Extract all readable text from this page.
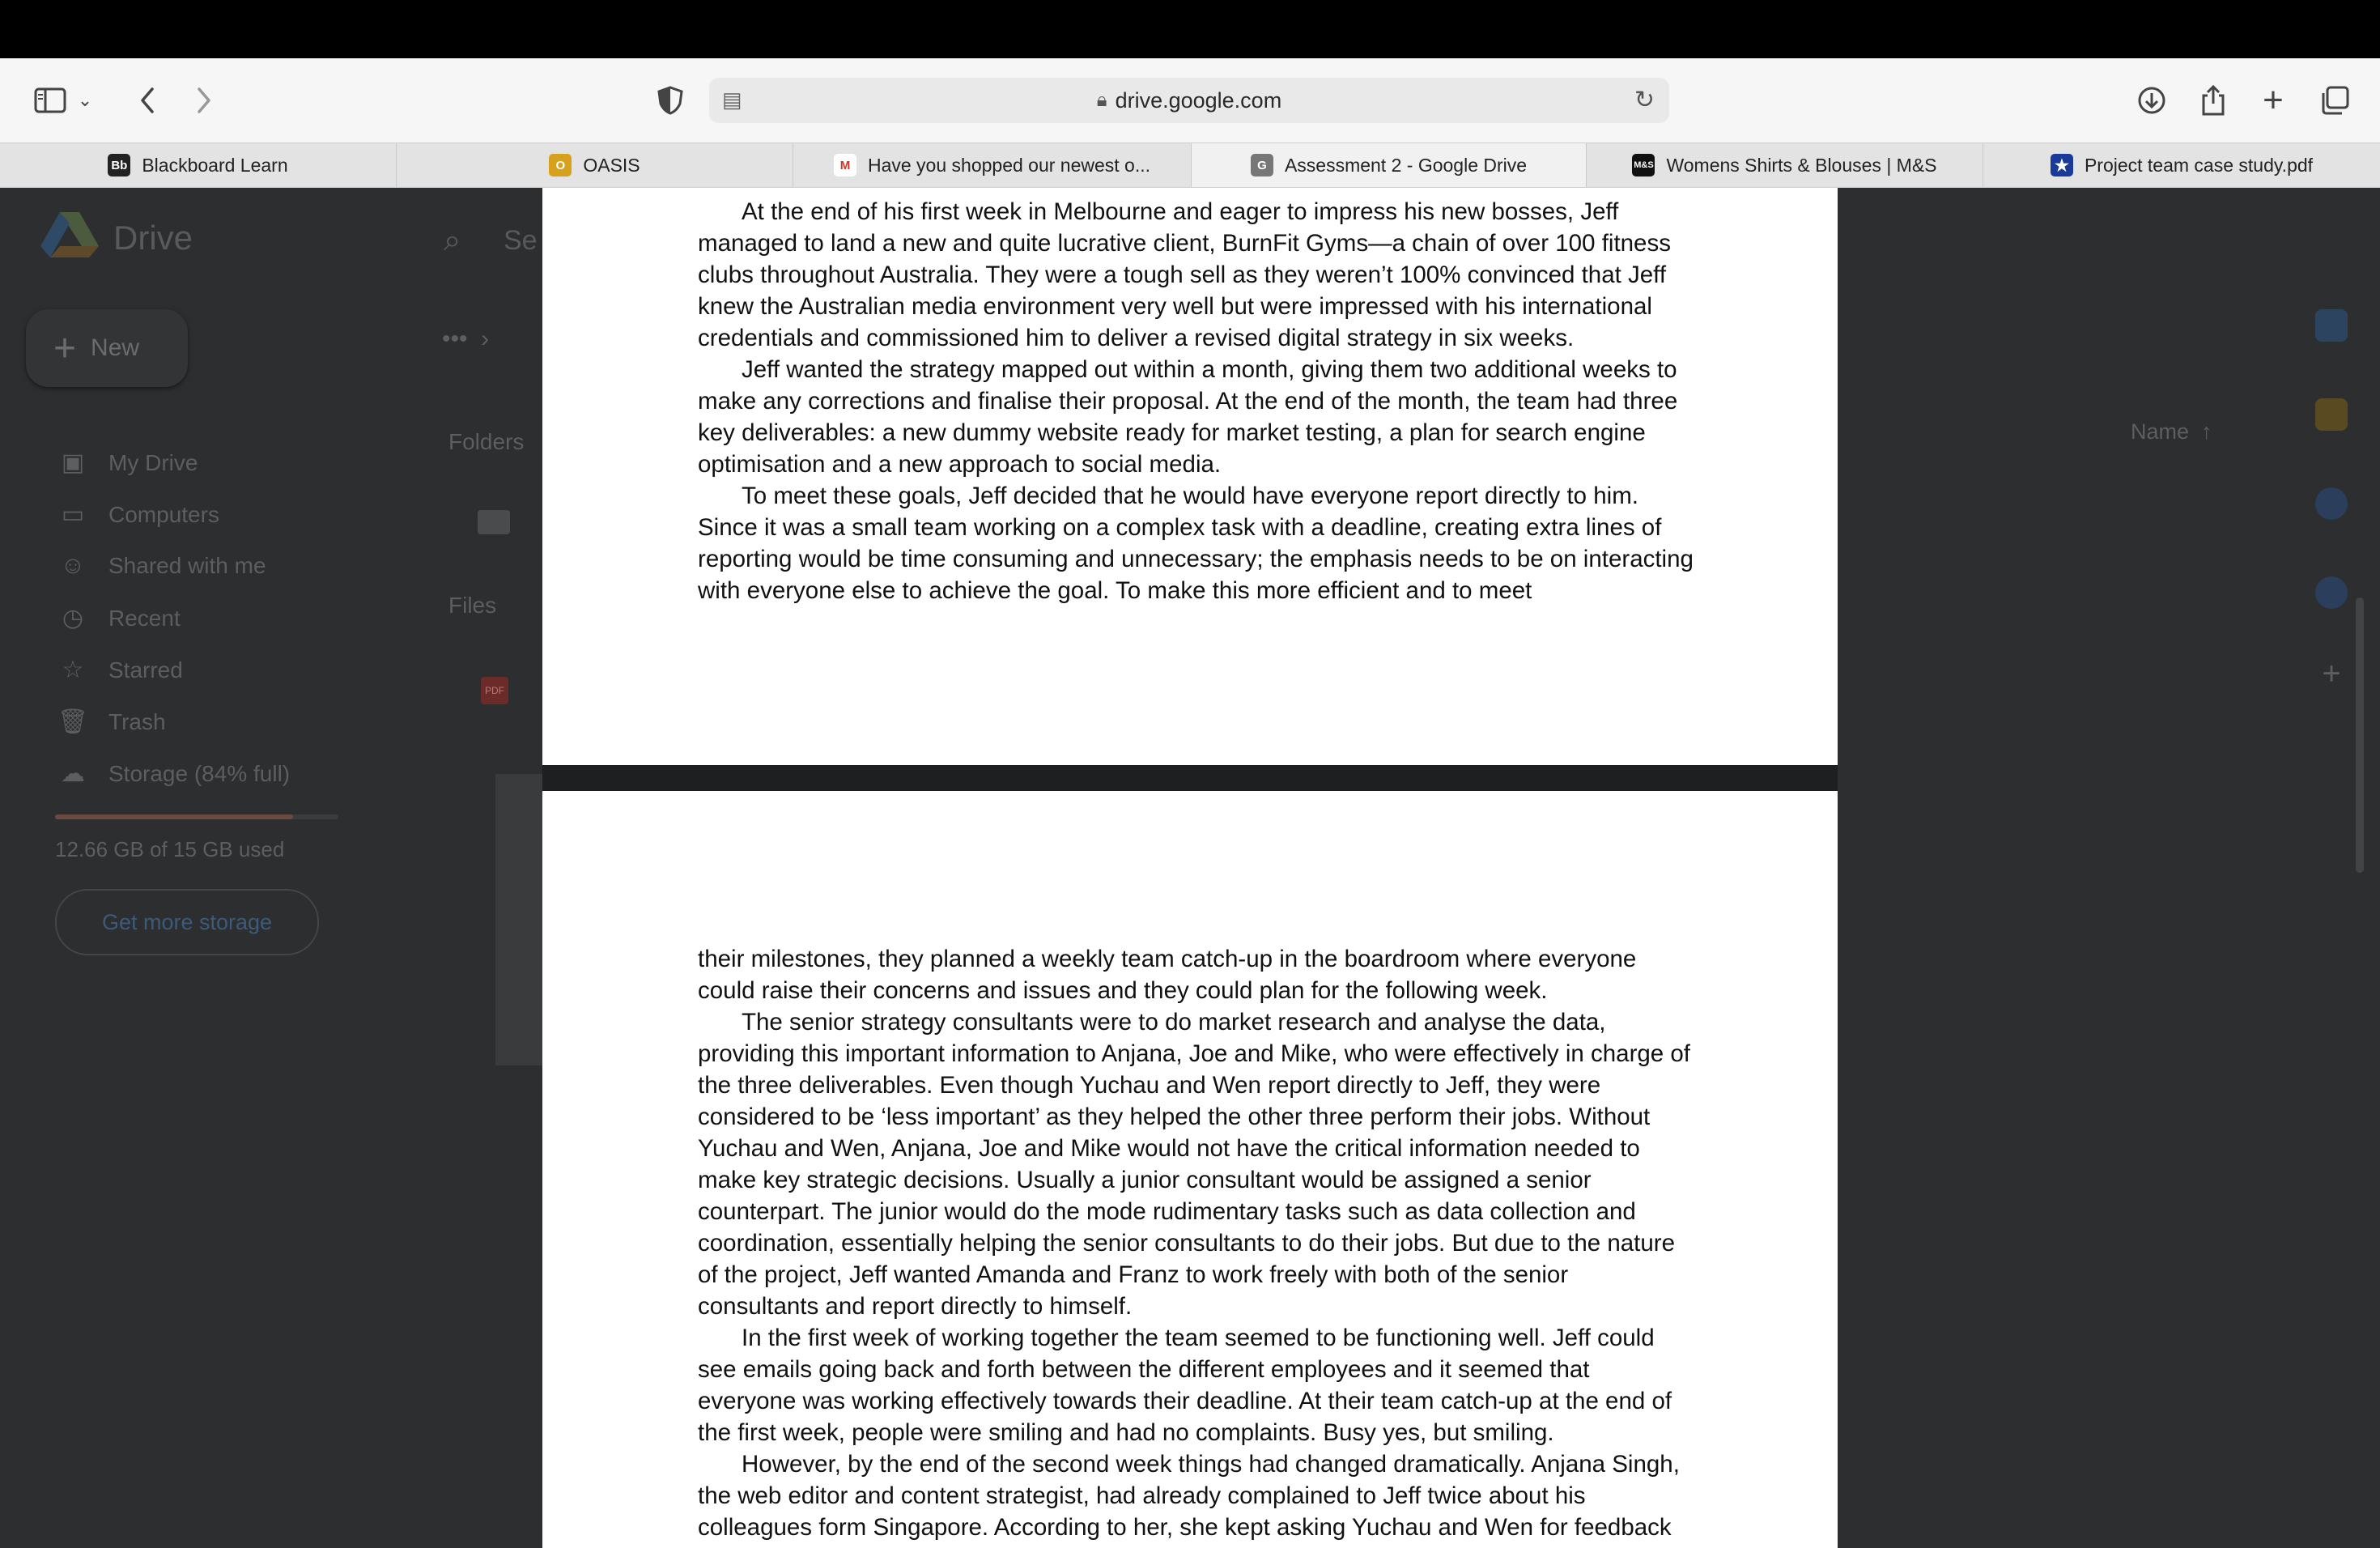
⌄	▤	🔒︎ drive.google.com	↻	+
Bb Blackboard Learn	O OASIS	M Have you shopped our newest o...	G Assessment 2 - Google Drive	M&S Womens Shirts & Blouses | M&S	★ Project team case study.pdf
Drive	⌕ Se
+ New
▣ My Drive
▭ Computers
☺ Shared with me
◷ Recent
☆ Starred
🗑︎ Trash
☁ Storage (84% full)
12.66 GB of 15 GB used
Get more storage
•••  ›
Folders
Files
PDF
Name ↑
+

At the end of his first week in Melbourne and eager to impress his new bosses, Jeff managed to land a new and quite lucrative client, BurnFit Gyms—a chain of over 100 fitness clubs throughout Australia. They were a tough sell as they weren’t 100% convinced that Jeff knew the Australian media environment very well but were impressed with his international credentials and commissioned him to deliver a revised digital strategy in six weeks.

Jeff wanted the strategy mapped out within a month, giving them two additional weeks to make any corrections and finalise their proposal. At the end of the month, the team had three key deliverables: a new dummy website ready for market testing, a plan for search engine optimisation and a new approach to social media.

To meet these goals, Jeff decided that he would have everyone report directly to him. Since it was a small team working on a complex task with a deadline, creating extra lines of reporting would be time consuming and unnecessary; the emphasis needs to be on interacting with everyone else to achieve the goal. To make this more efficient and to meet

their milestones, they planned a weekly team catch-up in the boardroom where everyone could raise their concerns and issues and they could plan for the following week.

The senior strategy consultants were to do market research and analyse the data, providing this important information to Anjana, Joe and Mike, who were effectively in charge of the three deliverables. Even though Yuchau and Wen report directly to Jeff, they were considered to be ‘less important’ as they helped the other three perform their jobs. Without Yuchau and Wen, Anjana, Joe and Mike would not have the critical information needed to make key strategic decisions. Usually a junior consultant would be assigned a senior counterpart. The junior would do the mode rudimentary tasks such as data collection and coordination, essentially helping the senior consultants to do their jobs. But due to the nature of the project, Jeff wanted Amanda and Franz to work freely with both of the senior consultants and report directly to himself.

In the first week of working together the team seemed to be functioning well. Jeff could see emails going back and forth between the different employees and it seemed that everyone was working effectively towards their deadline. At their team catch-up at the end of the first week, people were smiling and had no complaints. Busy yes, but smiling.

However, by the end of the second week things had changed dramatically. Anjana Singh, the web editor and content strategist, had already complained to Jeff twice about his colleagues form Singapore. According to her, she kept asking Yuchau and Wen for feedback
